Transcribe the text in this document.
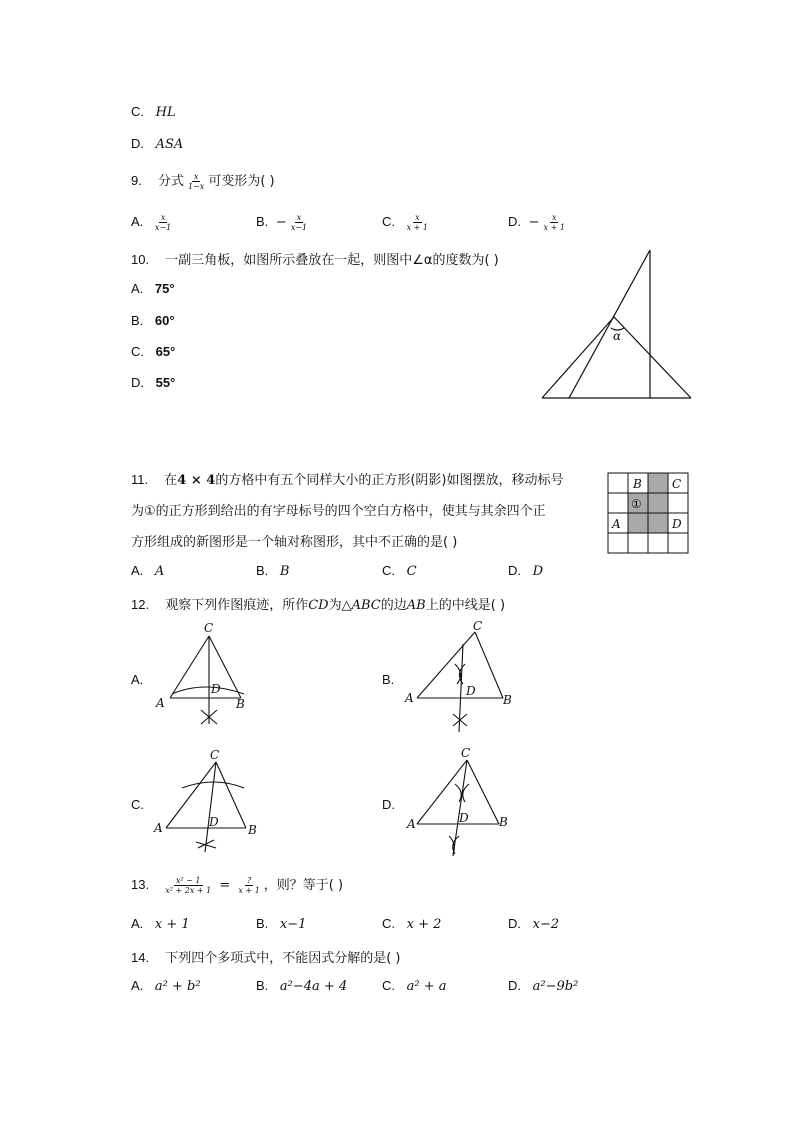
C. HL
D. ASA
9. 分式 $\frac{x}{1-x}$ 可变形为( )
A. $\frac{x}{x-1}$	B. − $\frac{x}{x-1}$	C. $\frac{x}{x + 1}$	D. − $\frac{x}{x + 1}$
10. 一副三角板，如图所示叠放在一起，则图中∠α的度数为( )
A. 75°
B. 60°
C. 65°
D. 55°
α
11. 在4 × 4的方格中有五个同样大小的正方形(阴影)如图摆放，移动标号
为①的正方形到给出的有字母标号的四个空白方格中，使其与其余四个正
方形组成的新图形是一个轴对称图形，其中不正确的是( )
A. A	B. B	C. C	D. D
B	C
①
A	D
12. 观察下列作图痕迹，所作CD为△ABC的边AB上的中线是( )
A.
C
A	B
D
B.
C
A	B
D
C.
C
A	B
D
D.
C
A	B
D
13. $\frac{\text{x² − 1}}{\text{x² + 2x + 1}} = \frac{?}{x + 1}$ ，则？等于( )
A. x + 1	B. x−1	C. x + 2	D. x−2
14. 下列四个多项式中，不能因式分解的是( )
A. a² + b²	B. a²−4a + 4	C. a² + a	D. a²−9b²
